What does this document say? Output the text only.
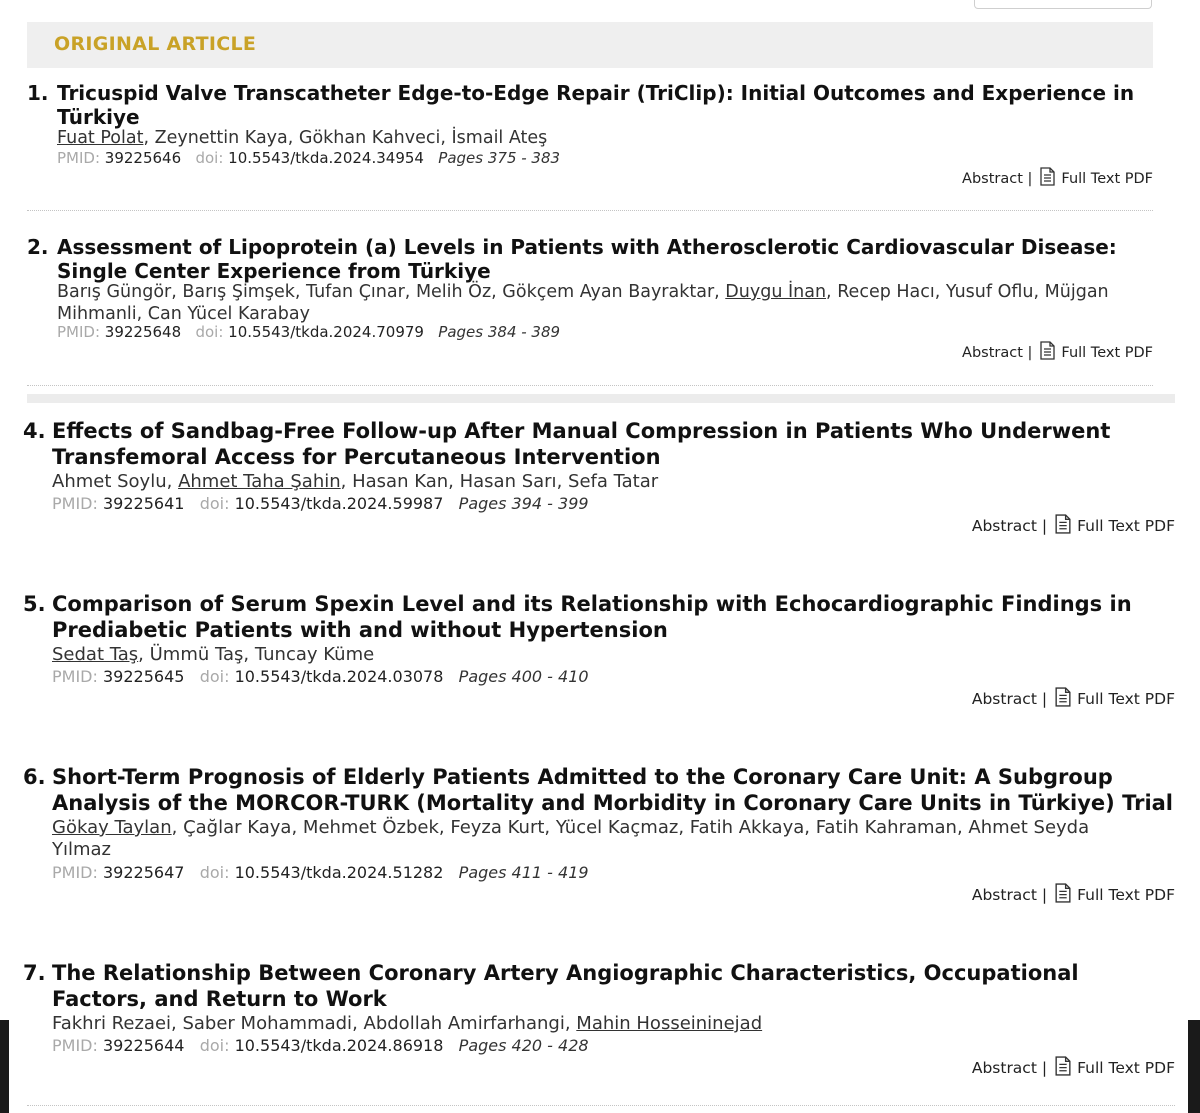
ORIGINAL ARTICLE
1. Tricuspid Valve Transcatheter Edge-to-Edge Repair (TriClip): Initial Outcomes and Experience in Türkiye
Fuat Polat, Zeynettin Kaya, Gökhan Kahveci, İsmail Ateş
PMID: 39225646 doi: 10.5543/tkda.2024.34954 Pages 375 - 383
Abstract
| Full Text PDF
2. Assessment of Lipoprotein (a) Levels in Patients with Atherosclerotic Cardiovascular Disease: Single Center Experience from Türkiye
Barış Güngör, Barış Şimşek, Tufan Çınar, Melih Öz, Gökçem Ayan Bayraktar, Duygu İnan, Recep Hacı, Yusuf Oflu, Müjgan Mihmanli, Can Yücel Karabay
PMID: 39225648 doi: 10.5543/tkda.2024.70979 Pages 384 - 389
Abstract
| Full Text PDF
4. Effects of Sandbag-Free Follow-up After Manual Compression in Patients Who Underwent Transfemoral Access for Percutaneous Intervention
Ahmet Soylu, Ahmet Taha Şahin, Hasan Kan, Hasan Sarı, Sefa Tatar
PMID: 39225641 doi: 10.5543/tkda.2024.59987 Pages 394 - 399
Abstract
| Full Text PDF
5. Comparison of Serum Spexin Level and its Relationship with Echocardiographic Findings in Prediabetic Patients with and without Hypertension
Sedat Taş, Ümmü Taş, Tuncay Küme
PMID: 39225645 doi: 10.5543/tkda.2024.03078 Pages 400 - 410
Abstract
| Full Text PDF
6. Short-Term Prognosis of Elderly Patients Admitted to the Coronary Care Unit: A Subgroup Analysis of the MORCOR-TURK (Mortality and Morbidity in Coronary Care Units in Türkiye) Trial
Gökay Taylan, Çağlar Kaya, Mehmet Özbek, Feyza Kurt, Yücel Kaçmaz, Fatih Akkaya, Fatih Kahraman, Ahmet Seyda Yılmaz
PMID: 39225647 doi: 10.5543/tkda.2024.51282 Pages 411 - 419
Abstract
| Full Text PDF
7. The Relationship Between Coronary Artery Angiographic Characteristics, Occupational Factors, and Return to Work
Fakhri Rezaei, Saber Mohammadi, Abdollah Amirfarhangi, Mahin Hosseininejad
PMID: 39225644 doi: 10.5543/tkda.2024.86918 Pages 420 - 428
Abstract
| Full Text PDF
